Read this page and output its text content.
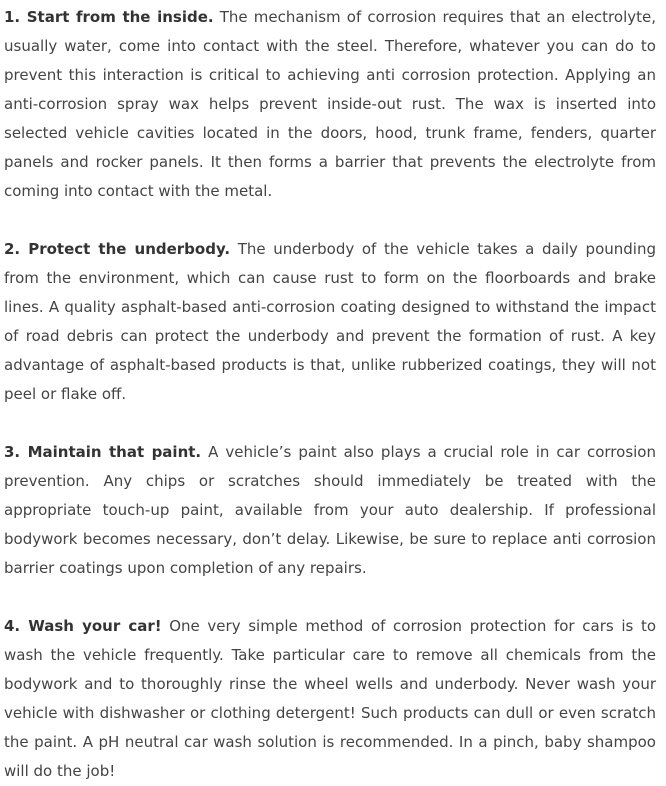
1. Start from the inside. The mechanism of corrosion requires that an electrolyte, usually water, come into contact with the steel. Therefore, whatever you can do to prevent this interaction is critical to achieving anti corrosion protection. Applying an anti-corrosion spray wax helps prevent inside-out rust. The wax is inserted into selected vehicle cavities located in the doors, hood, trunk frame, fenders, quarter panels and rocker panels. It then forms a barrier that prevents the electrolyte from coming into contact with the metal.

2. Protect the underbody. The underbody of the vehicle takes a daily pounding from the environment, which can cause rust to form on the floorboards and brake lines. A quality asphalt-based anti-corrosion coating designed to withstand the impact of road debris can protect the underbody and prevent the formation of rust. A key advantage of asphalt-based products is that, unlike rubberized coatings, they will not peel or flake off.

3. Maintain that paint. A vehicle’s paint also plays a crucial role in car corrosion prevention. Any chips or scratches should immediately be treated with the appropriate touch-up paint, available from your auto dealership. If professional bodywork becomes necessary, don’t delay. Likewise, be sure to replace anti corrosion barrier coatings upon completion of any repairs.

4. Wash your car! One very simple method of corrosion protection for cars is to wash the vehicle frequently. Take particular care to remove all chemicals from the bodywork and to thoroughly rinse the wheel wells and underbody. Never wash your vehicle with dishwasher or clothing detergent! Such products can dull or even scratch the paint. A pH neutral car wash solution is recommended. In a pinch, baby shampoo will do the job!
